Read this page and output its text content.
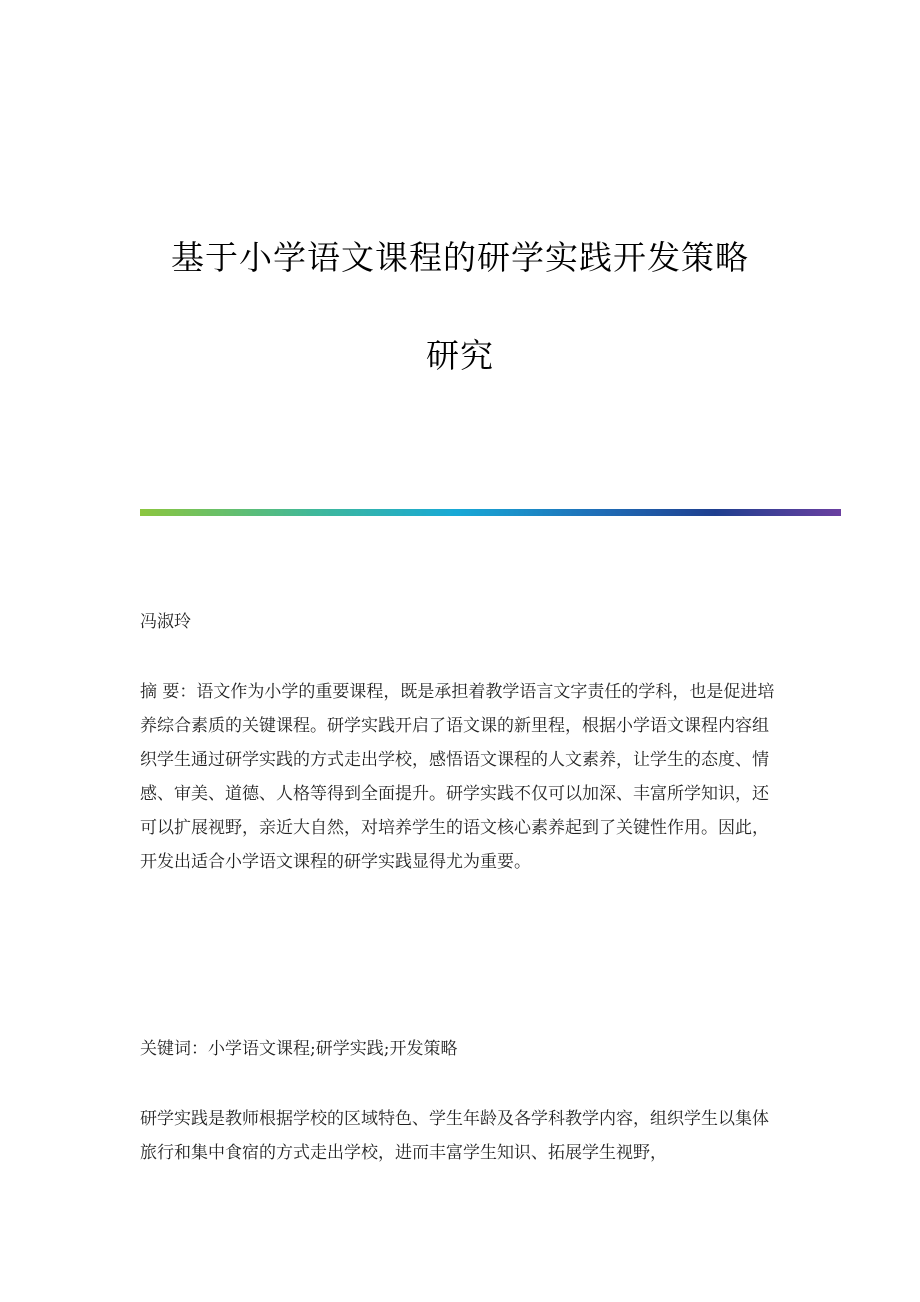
基于小学语文课程的研学实践开发策略
研究

冯淑玲

摘 要：语文作为小学的重要课程，既是承担着教学语言文字责任的学科，也是促进培养综合素质的关键课程。研学实践开启了语文课的新里程，根据小学语文课程内容组织学生通过研学实践的方式走出学校，感悟语文课程的人文素养，让学生的态度、情感、审美、道德、人格等得到全面提升。研学实践不仅可以加深、丰富所学知识，还可以扩展视野，亲近大自然，对培养学生的语文核心素养起到了关键性作用。因此，开发出适合小学语文课程的研学实践显得尤为重要。

关键词：小学语文课程;研学实践;开发策略

研学实践是教师根据学校的区域特色、学生年龄及各学科教学内容，组织学生以集体旅行和集中食宿的方式走出学校，进而丰富学生知识、拓展学生视野，
